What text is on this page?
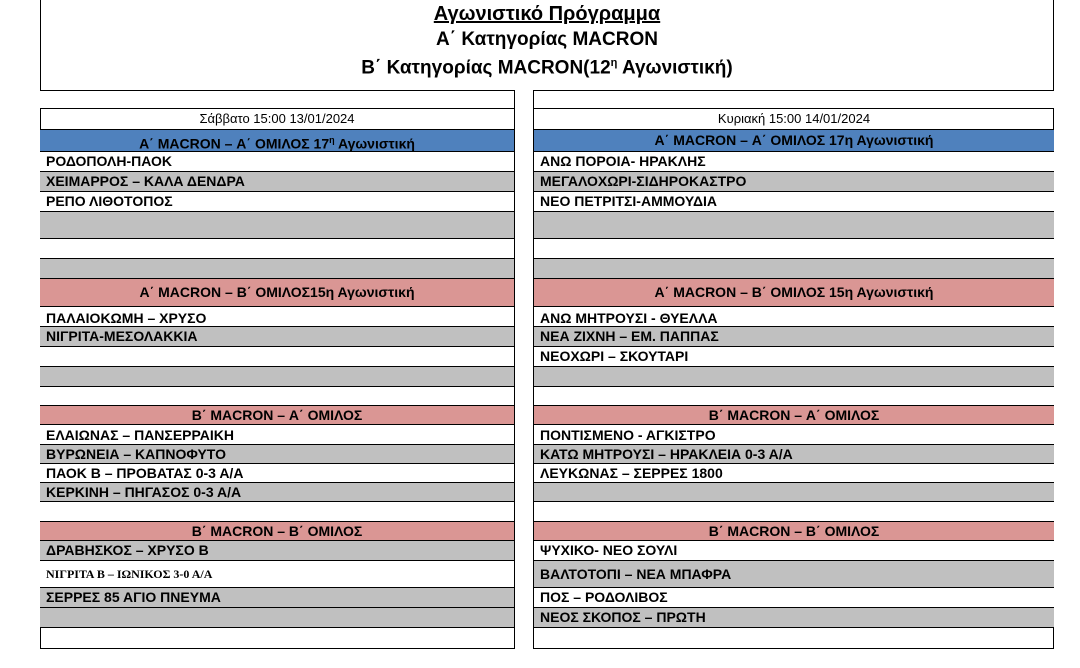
Αγωνιστικό Πρόγραμμα
Α΄ Κατηγορίας MACRON
Β΄ Κατηγορίας $MACRON(12^\eta$ Αγωνιστική)
Σάββατο 15:00 13/01/2024
Α΄ MACRON – Α΄ ΟΜΙΛΟΣ $17^\eta$ Αγωνιστική
ΡΟΔΟΠΟΛΗ-ΠΑΟΚ
ΧΕΙΜΑΡΡΟΣ – ΚΑΛΑ ΔΕΝΔΡΑ
ΡΕΠΟ ΛΙΘΟΤΟΠΟΣ
Α΄ MACRON – Β΄ ΟΜΙΛΟΣ15η Αγωνιστική
ΠΑΛΑΙΟΚΩΜΗ – ΧΡΥΣΟ
ΝΙΓΡΙΤΑ-ΜΕΣΟΛΑΚΚΙΑ
Β΄ MACRON – Α΄ ΟΜΙΛΟΣ
ΕΛΑΙΩΝΑΣ – ΠΑΝΣΕΡΡΑΙΚΗ
ΒΥΡΩΝΕΙΑ – ΚΑΠΝΟΦΥΤΟ
ΠΑΟΚ Β – ΠΡΟΒΑΤΑΣ 0-3 Α/Α
ΚΕΡΚΙΝΗ – ΠΗΓΑΣΟΣ 0-3 Α/Α
Β΄ MACRON – Β΄ ΟΜΙΛΟΣ
ΔΡΑΒΗΣΚΟΣ – ΧΡΥΣΟ Β
ΝΙΓΡΙΤΑ Β – ΙΩΝΙΚΟΣ 3-0 Α/Α
ΣΕΡΡΕΣ 85 ΑΓΙΟ ΠΝΕΥΜΑ
Κυριακή 15:00 14/01/2024
Α΄ MACRON – Α΄ ΟΜΙΛΟΣ 17η Αγωνιστική
ΑΝΩ ΠΟΡΟΙΑ- ΗΡΑΚΛΗΣ
ΜΕΓΑΛΟΧΩΡΙ-ΣΙΔΗΡΟΚΑΣΤΡΟ
ΝΕΟ ΠΕΤΡΙΤΣΙ-ΑΜΜΟΥΔΙΑ
Α΄ MACRON – Β΄ ΟΜΙΛΟΣ 15η Αγωνιστική
ΑΝΩ ΜΗΤΡΟΥΣΙ - ΘΥΕΛΛΑ
ΝΕΑ ΖΙΧΝΗ – ΕΜ. ΠΑΠΠΑΣ
ΝΕΟΧΩΡΙ – ΣΚΟΥΤΑΡΙ
Β΄ MACRON – Α΄ ΟΜΙΛΟΣ
ΠΟΝΤΙΣΜΕΝΟ - ΑΓΚΙΣΤΡΟ
ΚΑΤΩ ΜΗΤΡΟΥΣΙ – ΗΡΑΚΛΕΙΑ 0-3 Α/Α
ΛΕΥΚΩΝΑΣ – ΣΕΡΡΕΣ 1800
Β΄ MACRON – Β΄ ΟΜΙΛΟΣ
ΨΥΧΙΚΟ- ΝΕΟ ΣΟΥΛΙ
ΒΑΛΤΟΤΟΠΙ – ΝΕΑ ΜΠΑΦΡΑ
ΠΟΣ – ΡΟΔΟΛΙΒΟΣ
ΝΕΟΣ ΣΚΟΠΟΣ – ΠΡΩΤΗ
